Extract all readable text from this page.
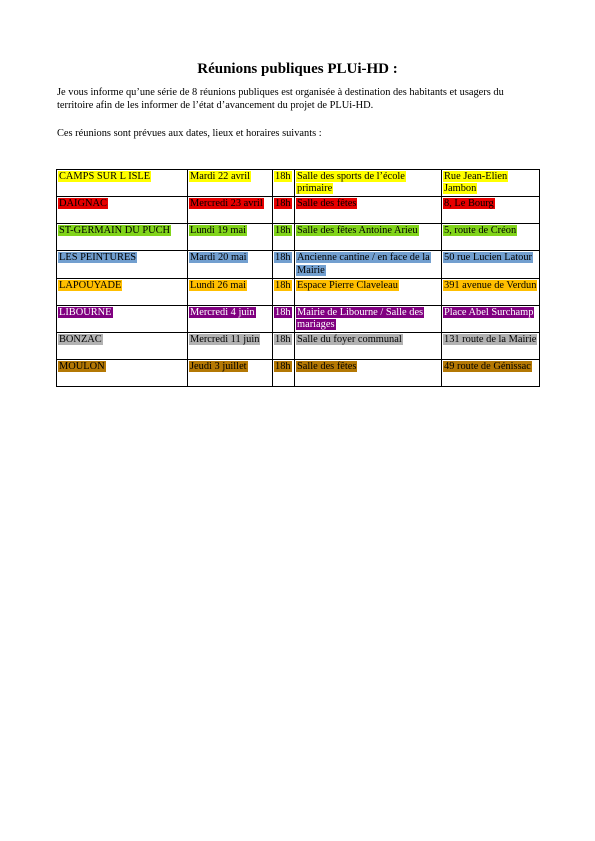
Réunions publiques PLUi-HD :
Je vous informe qu’une série de 8 réunions publiques est organisée à destination des habitants et usagers du territoire afin de les informer de l’état d’avancement du projet de PLUi-HD.
Ces réunions sont prévues aux dates, lieux et horaires suivants :
CAMPS SUR L ISLE	Mardi 22 avril	18h	Salle des sports de l’école primaire	Rue Jean-Elien Jambon
DAIGNAC	Mercredi 23 avril	18h	Salle des fêtes	8, Le Bourg
ST-GERMAIN DU PUCH	Lundi 19 mai	18h	Salle des fêtes Antoine Arieu	5, route de Créon
LES PEINTURES	Mardi 20 mai	18h	Ancienne cantine / en face de la Mairie	50 rue Lucien Latour
LAPOUYADE	Lundi 26 mai	18h	Espace Pierre Claveleau	391 avenue de Verdun
LIBOURNE	Mercredi 4 juin	18h	Mairie de Libourne / Salle des mariages	Place Abel Surchamp
BONZAC	Mercredi 11 juin	18h	Salle du foyer communal	131 route de la Mairie
MOULON	Jeudi 3 juillet	18h	Salle des fêtes	49 route de Génissac
